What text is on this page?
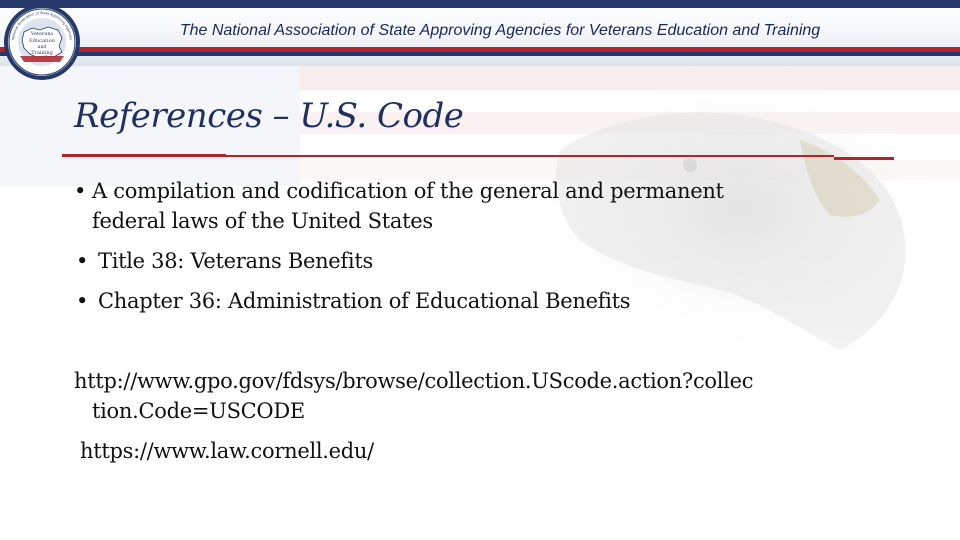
The National Association of State Approving Agencies for Veterans Education and Training
Veterans
Education
and
Training
National Association of State Approving Agencies
References – U.S. Code
• A compilation and codification of the general and permanent
federal laws of the United States
• Title 38: Veterans Benefits
• Chapter 36: Administration of Educational Benefits
http://www.gpo.gov/fdsys/browse/collection.UScode.action?collec
tion.Code=USCODE
https://www.law.cornell.edu/
